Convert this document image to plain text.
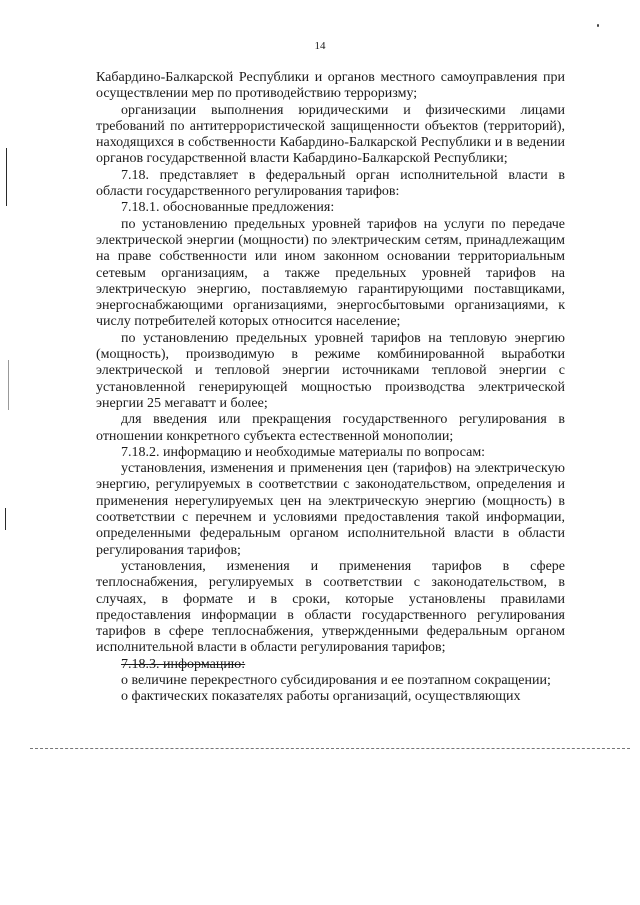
14

Кабардино-Балкарской Республики и органов местного самоуправления при осуществлении мер по противодействию терроризму;

организации выполнения юридическими и физическими лицами требований по антитеррористической защищенности объектов (территорий), находящихся в собственности Кабардино-Балкарской Республики и в ведении органов государственной власти Кабардино-Балкарской Республики;

7.18. представляет в федеральный орган исполнительной власти в области государственного регулирования тарифов:

7.18.1. обоснованные предложения:

по установлению предельных уровней тарифов на услуги по передаче электрической энергии (мощности) по электрическим сетям, принадлежащим на праве собственности или ином законном основании территориальным сетевым организациям, а также предельных уровней тарифов на электрическую энергию, поставляемую гарантирующими поставщиками, энергоснабжающими организациями, энергосбытовыми организациями, к числу потребителей которых относится население;

по установлению предельных уровней тарифов на тепловую энергию (мощность), производимую в режиме комбинированной выработки электрической и тепловой энергии источниками тепловой энергии с установленной генерирующей мощностью производства электрической энергии 25 мегаватт и более;

для введения или прекращения государственного регулирования в отношении конкретного субъекта естественной монополии;

7.18.2. информацию и необходимые материалы по вопросам:

установления, изменения и применения цен (тарифов) на электрическую энергию, регулируемых в соответствии с законодательством, определения и применения нерегулируемых цен на электрическую энергию (мощность) в соответствии с перечнем и условиями предоставления такой информации, определенными федеральным органом исполнительной власти в области регулирования тарифов;

установления, изменения и применения тарифов в сфере теплоснабжения, регулируемых в соответствии с законодательством, в случаях, в формате и в сроки, которые установлены правилами предоставления информации в области государственного регулирования тарифов в сфере теплоснабжения, утвержденными федеральным органом исполнительной власти в области регулирования тарифов;

7.18.3. информацию:

о величине перекрестного субсидирования и ее поэтапном сокращении;

о фактических показателях работы организаций, осуществляющих
